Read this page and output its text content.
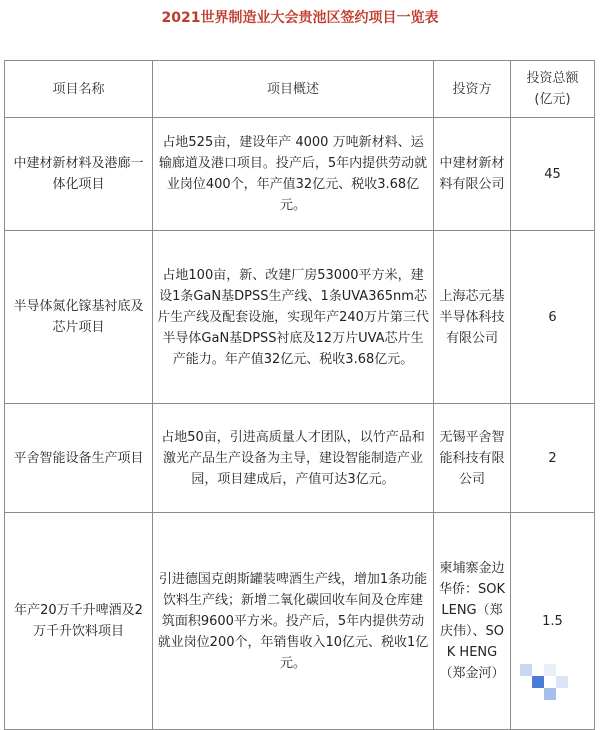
2021世界制造业大会贵池区签约项目一览表
项目名称	项目概述	投资方	投资总额
(亿元)
中建材新材料及港廊一体化项目	占地525亩，建设年产 4000 万吨新材料、运输廊道及港口项目。投产后，5年内提供劳动就业岗位400个，年产值32亿元、税收3.68亿元。	中建材新材料有限公司	45
半导体氮化镓基衬底及芯片项目	占地100亩，新、改建厂房53000平方米，建设1条GaN基DPSS生产线、1条UVA365nm芯片生产线及配套设施，实现年产240万片第三代半导体GaN基DPSS衬底及12万片UVA芯片生产能力。年产值32亿元、税收3.68亿元。	上海芯元基半导体科技有限公司	6
平舍智能设备生产项目	占地50亩，引进高质量人才团队，以竹产品和激光产品生产设备为主导，建设智能制造产业园，项目建成后，产值可达3亿元。	无锡平舍智能科技有限公司	2
年产20万千升啤酒及2万千升饮料项目	引进德国克朗斯罐装啤酒生产线，增加1条功能饮料生产线；新增二氧化碳回收车间及仓库建筑面积9600平方米。投产后，5年内提供劳动就业岗位200个，年销售收入10亿元、税收1亿元。	柬埔寨金边华侨：SOK LENG（郑庆伟）、SOK HENG（郑金河）	1.5
